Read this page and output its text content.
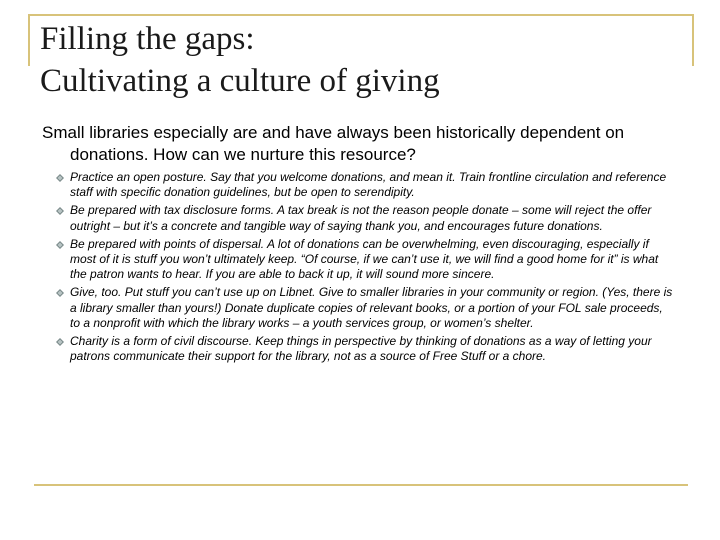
Filling the gaps:
Cultivating a culture of giving

Small libraries especially are and have always been historically dependent on donations. How can we nurture this resource?

Practice an open posture. Say that you welcome donations, and mean it. Train frontline circulation and reference staff with specific donation guidelines, but be open to serendipity.
Be prepared with tax disclosure forms. A tax break is not the reason people donate – some will reject the offer outright – but it’s a concrete and tangible way of saying thank you, and encourages future donations.
Be prepared with points of dispersal. A lot of donations can be overwhelming, even discouraging, especially if most of it is stuff you won’t ultimately keep. “Of course, if we can’t use it, we will find a good home for it” is what the patron wants to hear. If you are able to back it up, it will sound more sincere.
Give, too. Put stuff you can’t use up on Libnet. Give to smaller libraries in your community or region. (Yes, there is a library smaller than yours!) Donate duplicate copies of relevant books, or a portion of your FOL sale proceeds, to a nonprofit with which the library works – a youth services group, or women’s shelter.
Charity is a form of civil discourse. Keep things in perspective by thinking of donations as a way of letting your patrons communicate their support for the library, not as a source of Free Stuff or a chore.
